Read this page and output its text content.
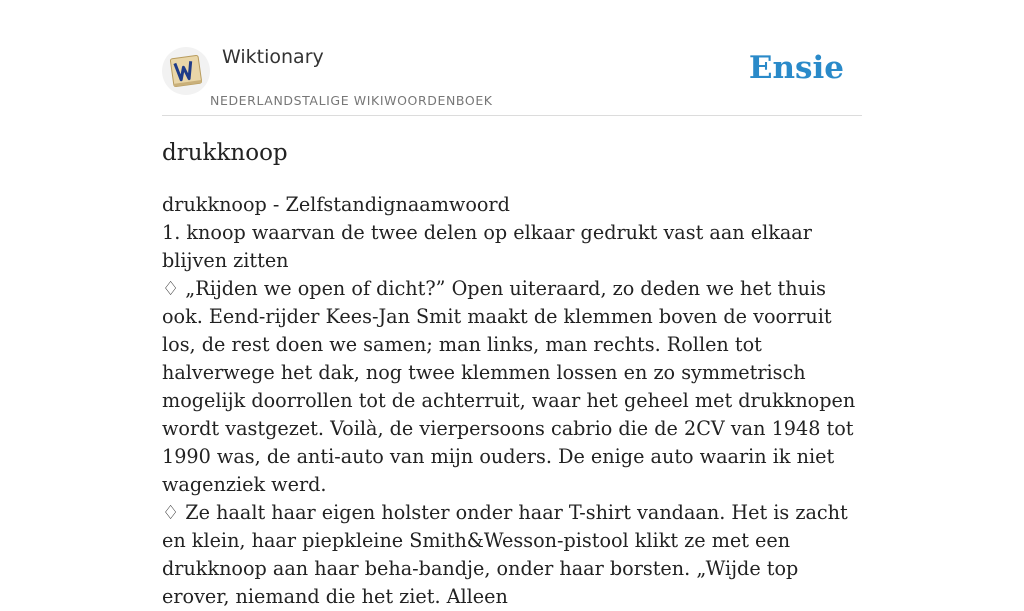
Wiktionary
NEDERLANDSTALIGE WIKIWOORDENBOEK
Ensie
drukknoop

drukknoop - Zelfstandignaamwoord

1. knoop waarvan de twee delen op elkaar gedrukt vast aan elkaar blijven zitten

♢ „Rijden we open of dicht?” Open uiteraard, zo deden we het thuis ook. Eend-rijder Kees-Jan Smit maakt de klemmen boven de voorruit los, de rest doen we samen; man links, man rechts. Rollen tot halverwege het dak, nog twee klemmen lossen en zo symmetrisch mogelijk doorrollen tot de achterruit, waar het geheel met drukknopen wordt vastgezet. Voilà, de vierpersoons cabrio die de 2CV van 1948 tot 1990 was, de anti-auto van mijn ouders. De enige auto waarin ik niet wagenziek werd.

♢ Ze haalt haar eigen holster onder haar T-shirt vandaan. Het is zacht en klein, haar piepkleine Smith&Wesson-pistool klikt ze met een drukknoop aan haar beha-bandje, onder haar borsten. „Wijde top erover, niemand die het ziet. Alleen
